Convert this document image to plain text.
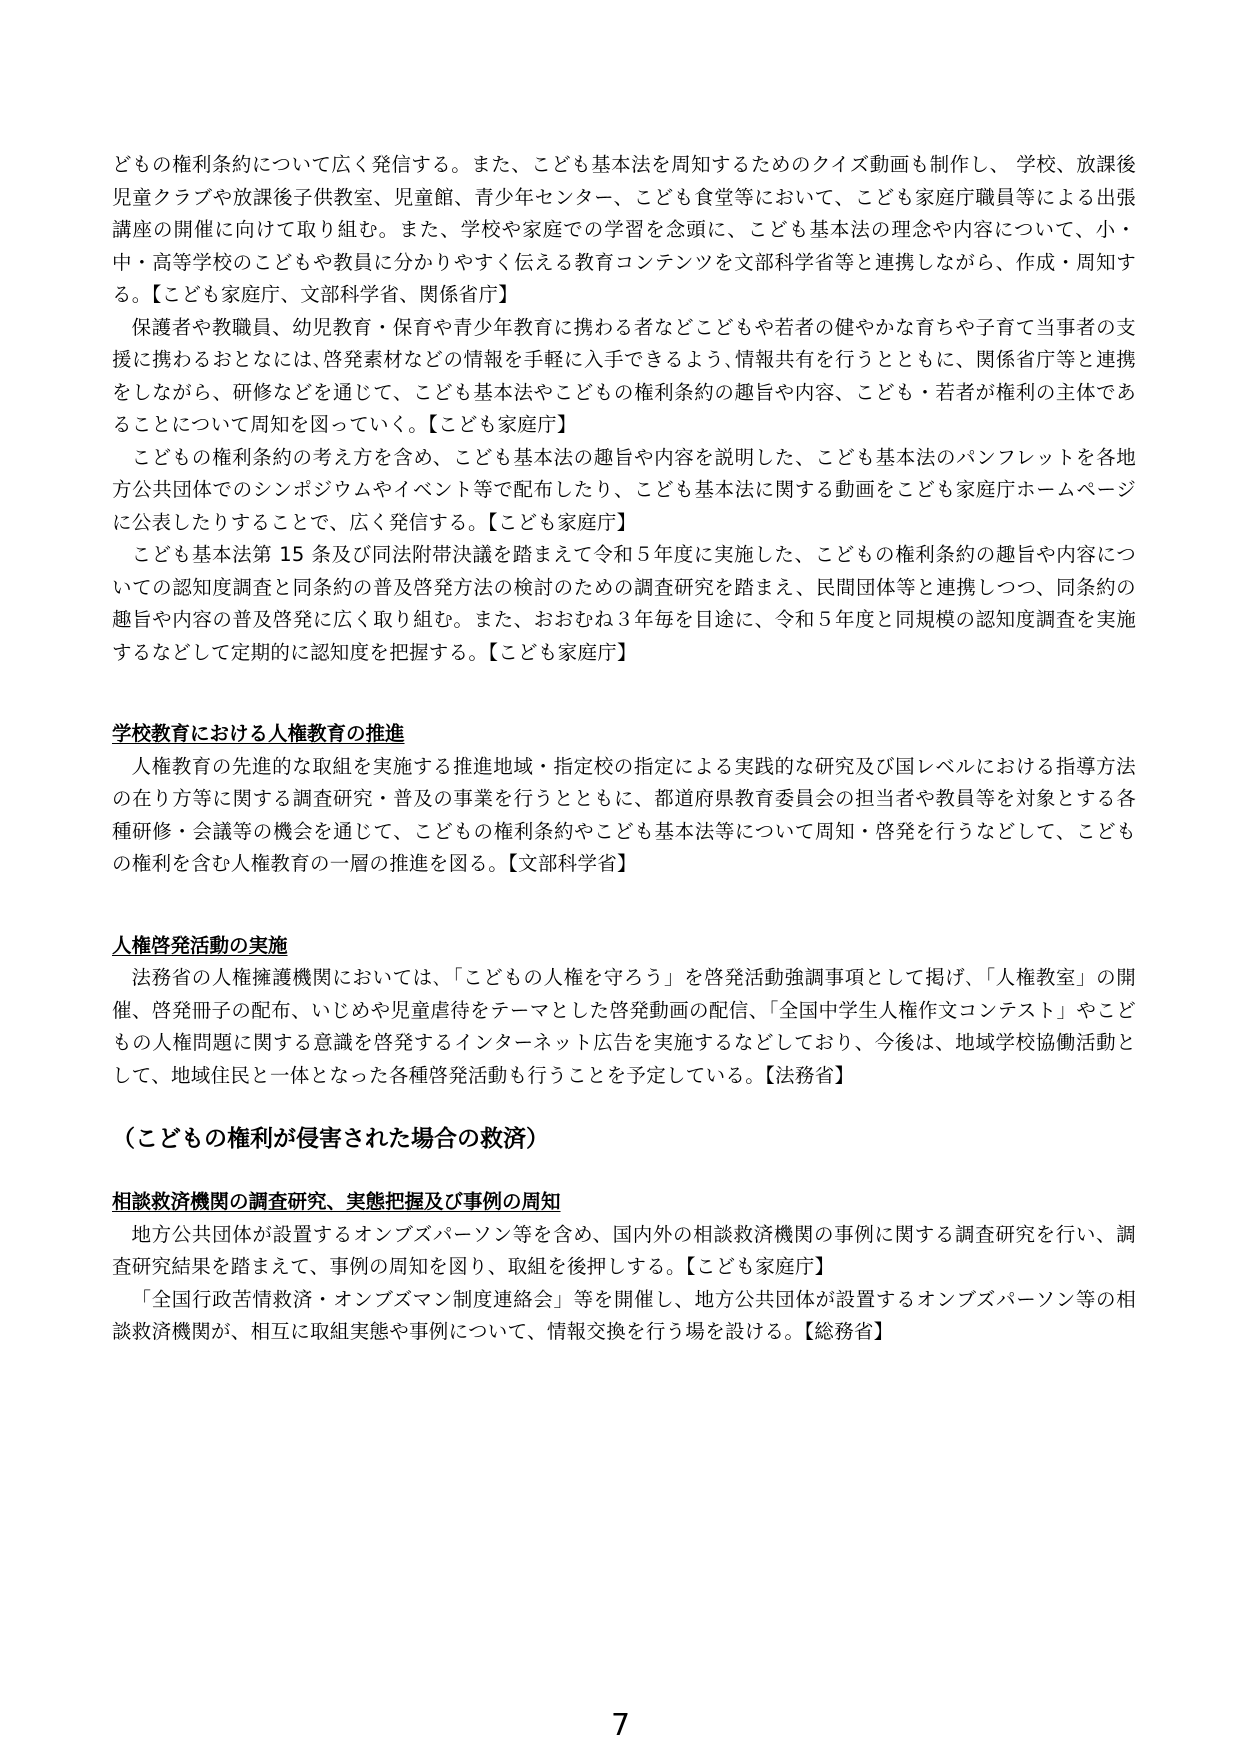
どもの権利条約について広く発信する。また、こども基本法を周知するためのクイズ動画も制作し、 学校、放課後児童クラブや放課後子供教室、児童館、青少年センター、こども食堂等において、こども家庭庁職員等による出張講座の開催に向けて取り組む。また、学校や家庭での学習を念頭に、こども基本法の理念や内容について、小・中・高等学校のこどもや教員に分かりやすく伝える教育コンテンツを文部科学省等と連携しながら、作成・周知する。【こども家庭庁、文部科学省、関係省庁】

保護者や教職員、幼児教育・保育や青少年教育に携わる者などこどもや若者の健やかな育ちや子育て当事者の支援に携わるおとなには､啓発素材などの情報を手軽に入手できるよう､情報共有を行うとともに、関係省庁等と連携をしながら、研修などを通じて、こども基本法やこどもの権利条約の趣旨や内容、こども・若者が権利の主体であることについて周知を図っていく。【こども家庭庁】

こどもの権利条約の考え方を含め、こども基本法の趣旨や内容を説明した、こども基本法のパンフレットを各地方公共団体でのシンポジウムやイベント等で配布したり、こども基本法に関する動画をこども家庭庁ホームページに公表したりすることで、広く発信する。【こども家庭庁】

こども基本法第 15 条及び同法附帯決議を踏まえて令和５年度に実施した、こどもの権利条約の趣旨や内容についての認知度調査と同条約の普及啓発方法の検討のための調査研究を踏まえ、民間団体等と連携しつつ、同条約の趣旨や内容の普及啓発に広く取り組む。また、おおむね３年毎を目途に、令和５年度と同規模の認知度調査を実施するなどして定期的に認知度を把握する。【こども家庭庁】

学校教育における人権教育の推進

人権教育の先進的な取組を実施する推進地域・指定校の指定による実践的な研究及び国レベルにおける指導方法の在り方等に関する調査研究・普及の事業を行うとともに、都道府県教育委員会の担当者や教員等を対象とする各種研修・会議等の機会を通じて、こどもの権利条約やこども基本法等について周知・啓発を行うなどして、こどもの権利を含む人権教育の一層の推進を図る。【文部科学省】

人権啓発活動の実施

法務省の人権擁護機関においては､「こどもの人権を守ろう」を啓発活動強調事項として掲げ､「人権教室」の開催、啓発冊子の配布、いじめや児童虐待をテーマとした啓発動画の配信、「全国中学生人権作文コンテスト」やこどもの人権問題に関する意識を啓発するインターネット広告を実施するなどしており、今後は、地域学校協働活動として、地域住民と一体となった各種啓発活動も行うことを予定している｡【法務省】

（こどもの権利が侵害された場合の救済）

相談救済機関の調査研究、実態把握及び事例の周知

地方公共団体が設置するオンブズパーソン等を含め、国内外の相談救済機関の事例に関する調査研究を行い、調査研究結果を踏まえて、事例の周知を図り、取組を後押しする。【こども家庭庁】

「全国行政苦情救済・オンブズマン制度連絡会」等を開催し、地方公共団体が設置するオンブズパーソン等の相談救済機関が、相互に取組実態や事例について、情報交換を行う場を設ける。【総務省】

7
